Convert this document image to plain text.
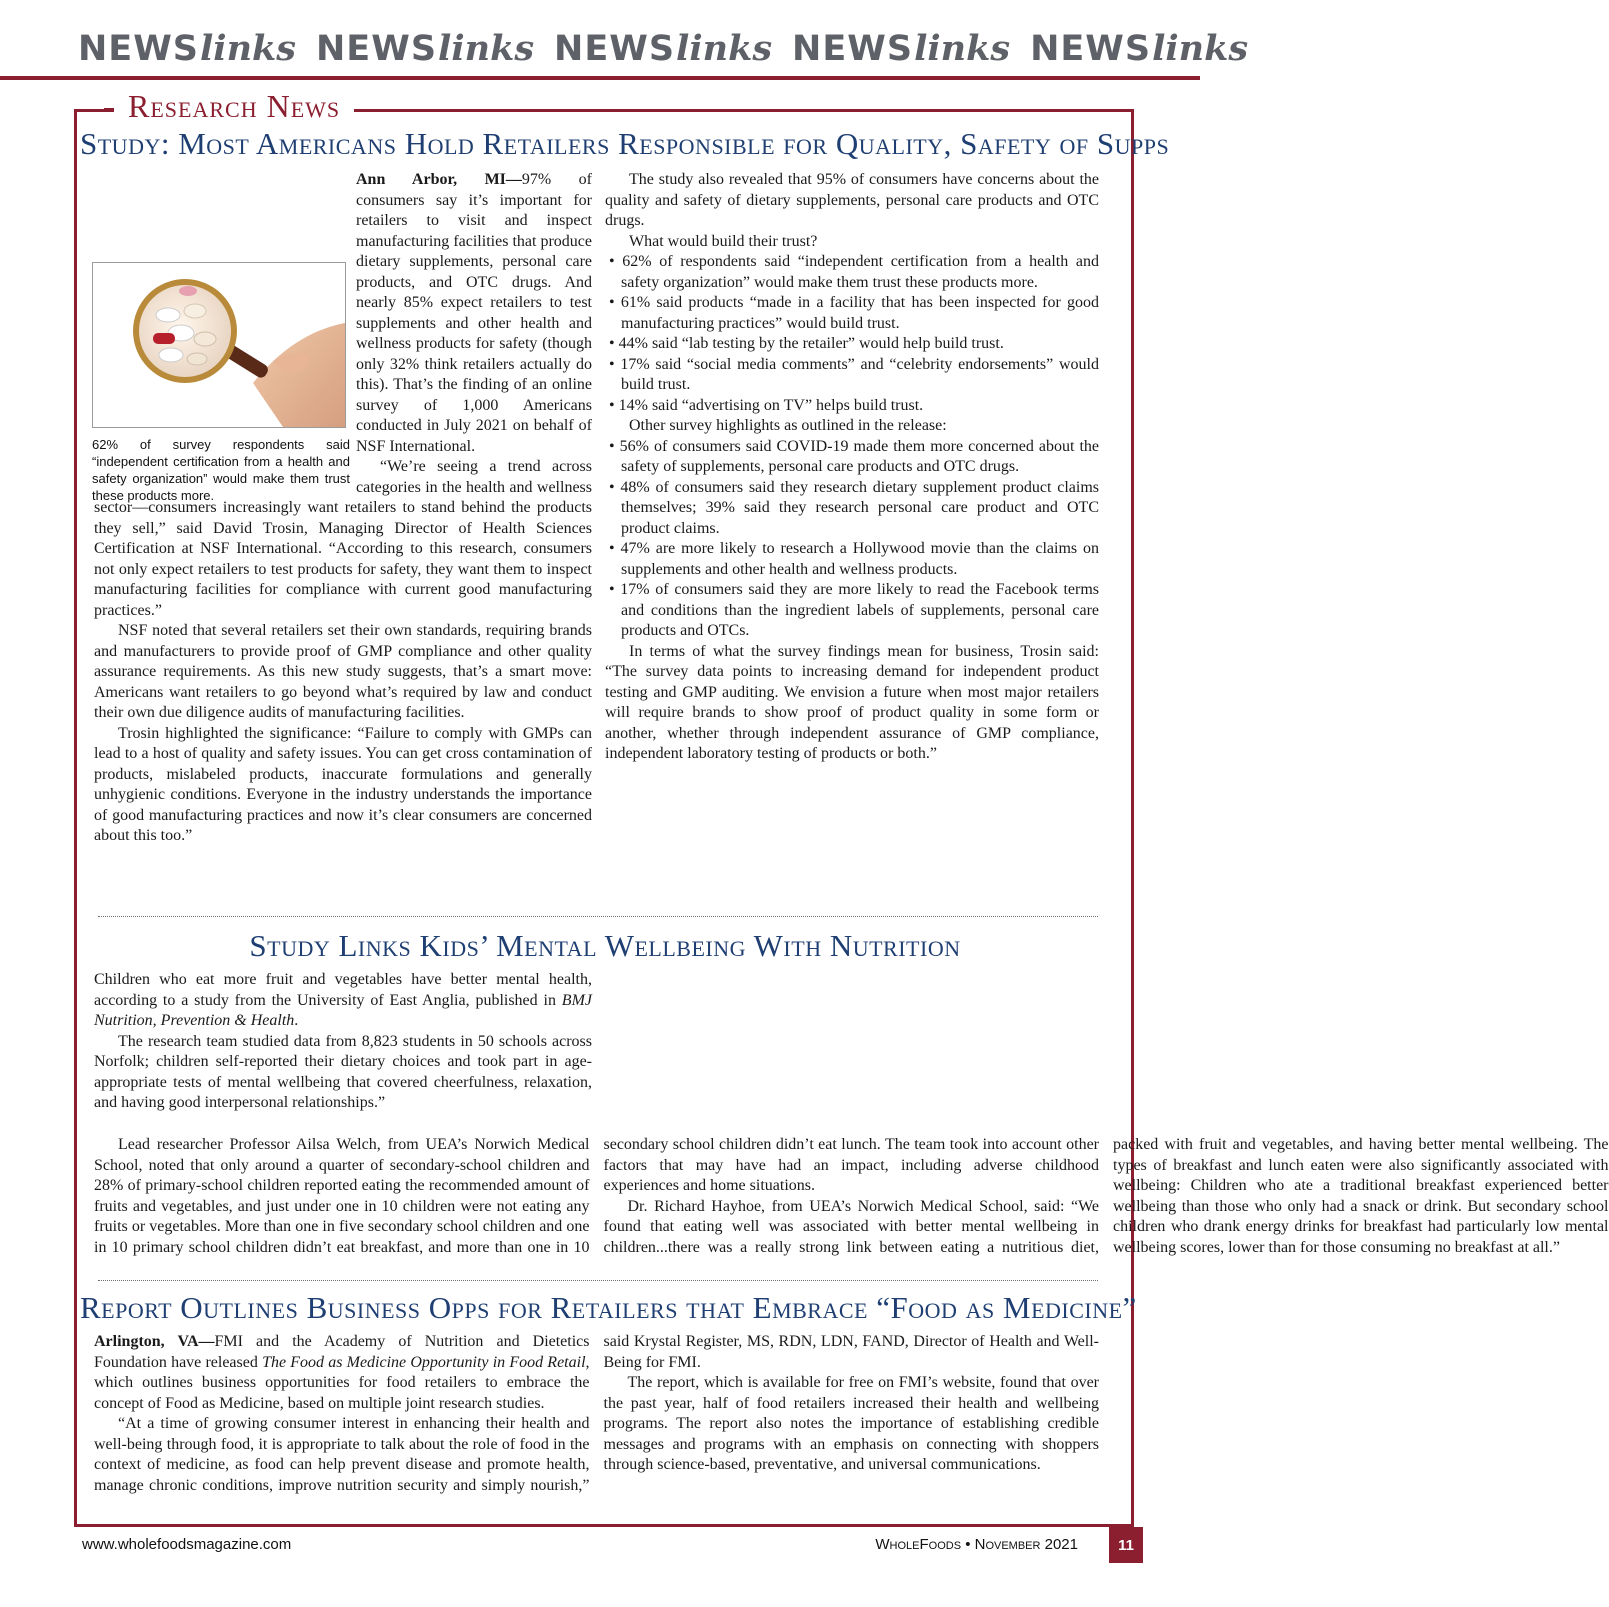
NEWSlinks NEWSlinks NEWSlinks NEWSlinks NEWSlinks
Research News
Study: Most Americans Hold Retailers Responsible for Quality, Safety of Supps

Ann Arbor, MI—97% of consumers say it’s important for retailers to visit and inspect manufacturing facilities that produce dietary supplements, personal care products, and OTC drugs. And nearly 85% expect retailers to test supplements and other health and wellness products for safety (though only 32% think retailers actually do this). That’s the finding of an online survey of 1,000 Americans conducted in July 2021 on behalf of NSF International.

“We’re seeing a trend across categories in the health and wellness sector—consumers increasingly want retailers to stand behind the products they sell,” said David Trosin, Managing Director of Health Sciences Certification at NSF International. “According to this research, consumers not only expect retailers to test products for safety, they want them to inspect manufacturing facilities for compliance with current good manufacturing practices.”

NSF noted that several retailers set their own standards, requiring brands and manufacturers to provide proof of GMP compliance and other quality assurance requirements. As this new study suggests, that’s a smart move: Americans want retailers to go beyond what’s required by law and conduct their own due diligence audits of manufacturing facilities.

Trosin highlighted the significance: “Failure to comply with GMPs can lead to a host of quality and safety issues. You can get cross contamination of products, mislabeled products, inaccurate formulations and generally unhygienic conditions. Everyone in the industry understands the importance of good manufacturing practices and now it’s clear consumers are concerned about this too.”

62% of survey respondents said “independent certification from a health and safety organization” would make them trust these products more.

The study also revealed that 95% of consumers have concerns about the quality and safety of dietary supplements, personal care products and OTC drugs.

What would build their trust?

• 62% of respondents said “independent certification from a health and safety organization” would make them trust these products more.
• 61% said products “made in a facility that has been inspected for good manufacturing practices” would build trust.
• 44% said “lab testing by the retailer” would help build trust.
• 17% said “social media comments” and “celebrity endorsements” would build trust.
• 14% said “advertising on TV” helps build trust.

Other survey highlights as outlined in the release:

• 56% of consumers said COVID-19 made them more concerned about the safety of supplements, personal care products and OTC drugs.
• 48% of consumers said they research dietary supplement product claims themselves; 39% said they research personal care product and OTC product claims.
• 47% are more likely to research a Hollywood movie than the claims on supplements and other health and wellness products.
• 17% of consumers said they are more likely to read the Facebook terms and conditions than the ingredient labels of supplements, personal care products and OTCs.

In terms of what the survey findings mean for business, Trosin said: “The survey data points to increasing demand for independent product testing and GMP auditing. We envision a future when most major retailers will require brands to show proof of product quality in some form or another, whether through independent assurance of GMP compliance, independent laboratory testing of products or both.”

Study Links Kids’ Mental Wellbeing With Nutrition

Children who eat more fruit and vegetables have better mental health, according to a study from the University of East Anglia, published in BMJ Nutrition, Prevention & Health.

The research team studied data from 8,823 students in 50 schools across Norfolk; children self-reported their dietary choices and took part in age-appropriate tests of mental wellbeing that covered cheerfulness, relaxation, and having good interpersonal relationships.”

Lead researcher Professor Ailsa Welch, from UEA’s Norwich Medical School, noted that only around a quarter of secondary-school children and 28% of primary-school children reported eating the recommended amount of fruits and vegetables, and just under one in 10 children were not eating any fruits or vegetables. More than one in five secondary school children and one in 10 primary school children didn’t eat breakfast, and more than one in 10 secondary school children didn’t eat lunch. The team took into account other factors that may have had an impact, including adverse childhood experiences and home situations.

Dr. Richard Hayhoe, from UEA’s Norwich Medical School, said: “We found that eating well was associated with better mental wellbeing in children...there was a really strong link between eating a nutritious diet, packed with fruit and vegetables, and having better mental wellbeing. The types of breakfast and lunch eaten were also significantly associated with wellbeing: Children who ate a traditional breakfast experienced better wellbeing than those who only had a snack or drink. But secondary school children who drank energy drinks for breakfast had particularly low mental wellbeing scores, lower than for those consuming no breakfast at all.”

Report Outlines Business Opps for Retailers that Embrace “Food as Medicine”

Arlington, VA—FMI and the Academy of Nutrition and Dietetics Foundation have released The Food as Medicine Opportunity in Food Retail, which outlines business opportunities for food retailers to embrace the concept of Food as Medicine, based on multiple joint research studies.

“At a time of growing consumer interest in enhancing their health and well-being through food, it is appropriate to talk about the role of food in the context of medicine, as food can help prevent disease and promote health, manage chronic conditions, improve nutrition security and simply nourish,” said Krystal Register, MS, RDN, LDN, FAND, Director of Health and Well-Being for FMI.

The report, which is available for free on FMI’s website, found that over the past year, half of food retailers increased their health and wellbeing programs. The report also notes the importance of establishing credible messages and programs with an emphasis on connecting with shoppers through science-based, preventative, and universal communications.

www.wholefoodsmagazine.com	WholeFoods • November 2021	11
